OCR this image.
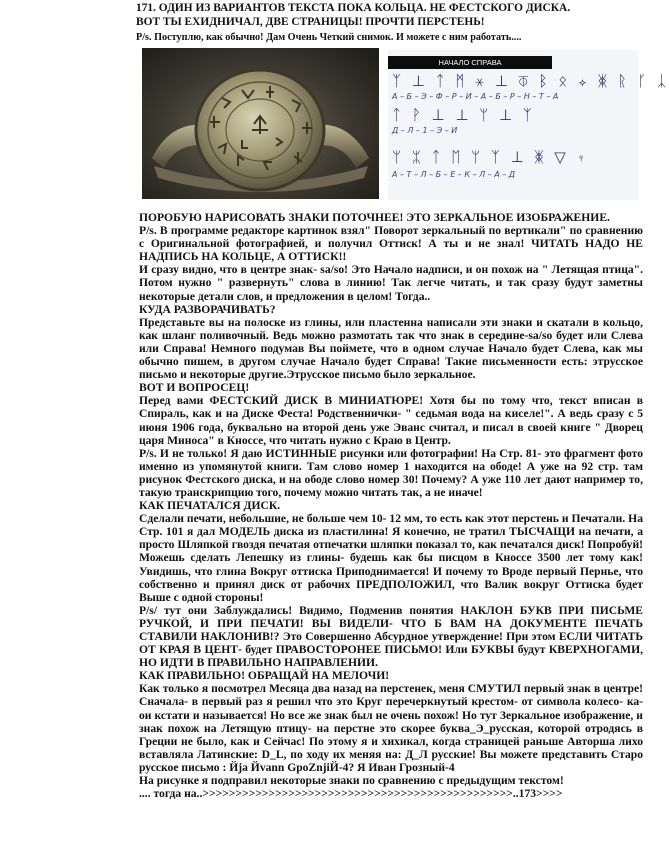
171. ОДИН ИЗ ВАРИАНТОВ ТЕКСТА ПОКА КОЛЬЦА. НЕ ФЕСТСКОГО ДИСКА.
ВОТ ТЫ ЕХИДНИЧАЛ, ДВЕ СТРАНИЦЫ! ПРОЧТИ ПЕРСТЕНЬ!
P/s. Поступлю, как обычно! Дам Очень Четкий снимок. И можете с ним работать....
НАЧАЛО СПРАВА
ᛉ ⊥ ᛏ ᛗ ⚹ ⊥ ⏁ ᛒ ᛟ ⟡ ᛤ ᚱ ᚴ ᛣ
А – Б – Э – Ф – Р – И – А – Б – Р – Н – Т – А
ᛏ ᚹ ⊥ ⊥ ᛘ ⊥ ᛉ
Д – Л – 1 – Э – И
ᛘ ᛯ ᛏ ᛖ ᛘ ᛉ ⊥ ᛤ ▽ ⫯
А – Т – Л – Б – Е – К – Л – А – Д

ПОРОБУЮ НАРИСОВАТЬ ЗНАКИ ПОТОЧНЕЕ! ЭТО ЗЕРКАЛЬНОЕ ИЗОБРАЖЕНИЕ.

P/s. В программе редакторе картинок взял" Поворот зеркальный по вертикали" по сравнению с Оригинальной фотографией, и получил Оттиск! А ты и не знал! ЧИТАТЬ НАДО НЕ НАДПИСЬ НА КОЛЬЦЕ, А ОТТИСК!!

И сразу видно, что в центре знак- sa/so! Это Начало надписи, и он похож на " Летящая птица". Потом нужно " развернуть" слова в линию! Так легче читать, и так сразу будут заметны некоторые детали слов, и предложения в целом! Тогда..

КУДА РАЗВОРАЧИВАТЬ?

Представьте вы на полоске из глины, или пластенна написали эти знаки и скатали в кольцо, как шланг поливочный. Ведь можно размотать так что знак в середине-sa/so будет или Слева или Справа! Немного подумав Вы поймете, что в одном случае Начало будет Слева, как мы обычно пишем, в другом случае Начало будет Справа! Такие письменности есть: этрусское письмо и некоторые другие.Этрусское письмо было зеркальное.

ВОТ И ВОПРОСЕЦ!

Перед вами ФЕСТСКИЙ ДИСК В МИНИАТЮРЕ! Хотя бы по тому что, текст вписан в Спираль, как и на Диске Феста! Родственнички- " седьмая вода на киселе!". А ведь сразу с 5 июня 1906 года, буквально на второй день уже Эванс считал, и писал в своей книге " Дворец царя Миноса" в Кноссе, что читать нужно с Краю в Центр.

P/s. И не только! Я даю ИСТИННЫЕ рисунки или фотографии! На Стр. 81- это фрагмент фото именно из упомянутой книги. Там слово номер 1 находится на ободе! А уже на 92 стр. там рисунок Фестского диска, и на ободе слово номер 30! Почему? А уже 110 лет дают например то, такую транскрипцию того, почему можно читать так, а не иначе!

КАК ПЕЧАТАЛСЯ ДИСК.

Сделали печати, небольшие, не больше чем 10- 12 мм, то есть как этот перстень и Печатали. На Стр. 101 я дал МОДЕЛЬ диска из пластилина! Я конечно, не тратил ТЫСЧАЩИ на печати, а просто Шляпкой гвоздя печатая отпечатки шляпки показал то, как печатался диск! Попробуй! Можешь сделать Лепешку из глины- будешь как бы писцом в Кноссе 3500 лет тому как! Увидишь, что глина Вокруг оттиска Приподнимается! И почему то Вроде первый Перньe, что собственно и принял диск от рабочих ПРЕДПОЛОЖИЛ, что Валик вокруг Оттиска будет Выше с одной стороны!

P/s/ тут они Заблуждались! Видимо, Подменив понятия НАКЛОН БУКВ ПРИ ПИСЬМЕ РУЧКОЙ, И ПРИ ПЕЧАТИ! ВЫ ВИДЕЛИ- ЧТО Б ВАМ НА ДОКУМЕНТЕ ПЕЧАТЬ СТАВИЛИ НАКЛОНИВ!? Это Совершенно Абсурдное утверждение! При этом ЕСЛИ ЧИТАТЬ ОТ КРАЯ В ЦЕНТ- будет ПРАВОСТОРОНЕЕ ПИСЬМО! Или БУКВЫ будут КВЕРХНОГАМИ, НО ИДТИ В ПРАВИЛЬНО НАПРАВЛЕНИИ.

КАК ПРАВИЛЬНО! ОБРАЩАЙ НА МЕЛОЧИ!

Как только я посмотрел Месяца два назад на перстенек, меня СМУТИЛ первый знак в центре! Сначала- в первый раз я решил что это Круг перечеркнутый крестом- от символа колесо- ка-ои кстати и называется! Но все же знак был не очень похож! Но тут Зеркальное изображение, и знак похож на Летящую птицу- на перстне это скорее буква_Э_русская, которой отродясь в Греции не было, как и Сейчас! По этому я и хихикал, когда страницей раньше Авторша лихо вставляла Латинские: D_L, по ходу их меняя на: Д_Л русские! Вы можете представить Старо русское письмо : Йја Йvann GpoZnjiЙ-4? Я Иван Грозный-4

На рисунке я подправил некоторые знаки по сравнению с предыдущим текстом!

.... тогда на..>>>>>>>>>>>>>>>>>>>>>>>>>>>>>>>>>>>>>>>>>>>>>>>..173>>>>
